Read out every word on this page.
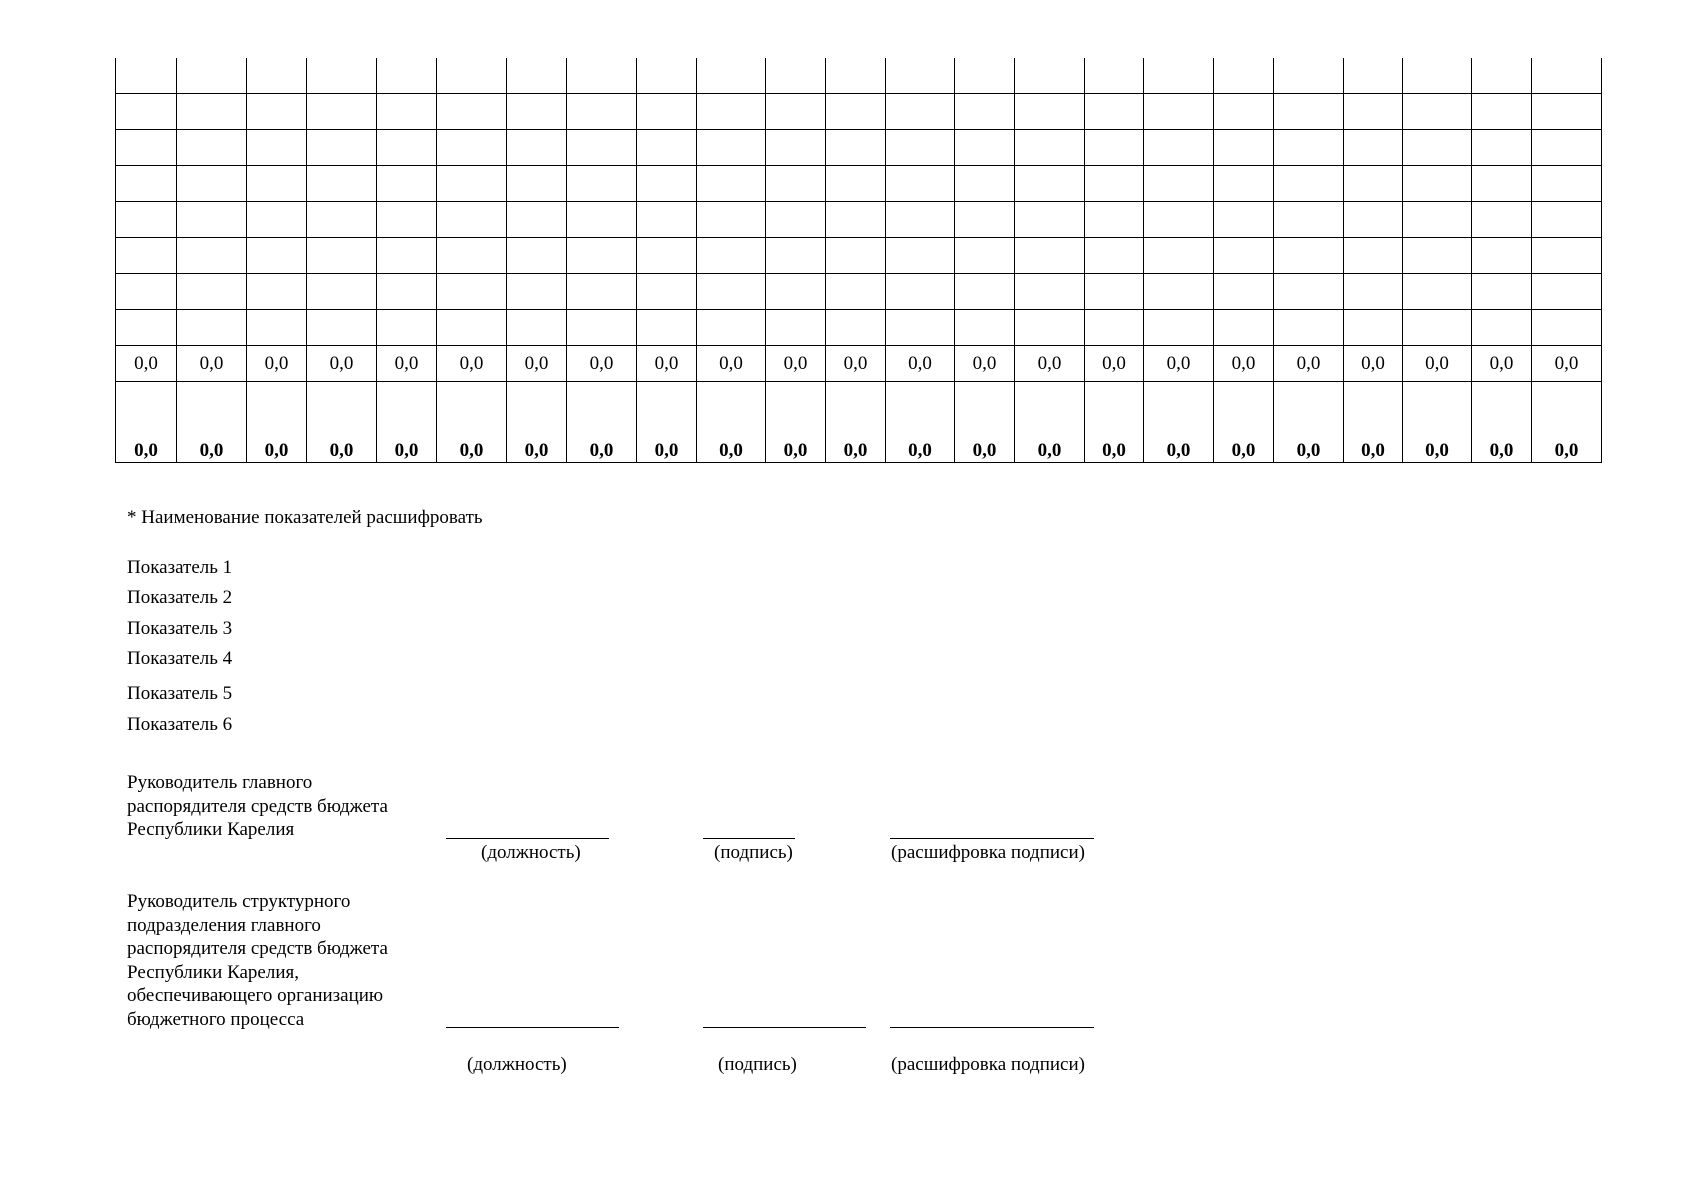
0,0	0,0	0,0	0,0	0,0	0,0	0,0	0,0	0,0	0,0	0,0	0,0	0,0	0,0	0,0	0,0	0,0	0,0	0,0	0,0	0,0	0,0	0,0
0,0	0,0	0,0	0,0	0,0	0,0	0,0	0,0	0,0	0,0	0,0	0,0	0,0	0,0	0,0	0,0	0,0	0,0	0,0	0,0	0,0	0,0	0,0
* Наименование показателей расшифровать
Показатель 1
Показатель 2
Показатель 3
Показатель 4
Показатель 5
Показатель 6
Руководитель главного распорядителя средств бюджета Республики Карелия
(должность)	(подпись)	(расшифровка подписи)
Руководитель структурного подразделения главного распорядителя средств бюджета Республики Карелия, обеспечивающего организацию бюджетного процесса
(должность)	(подпись)	(расшифровка подписи)
